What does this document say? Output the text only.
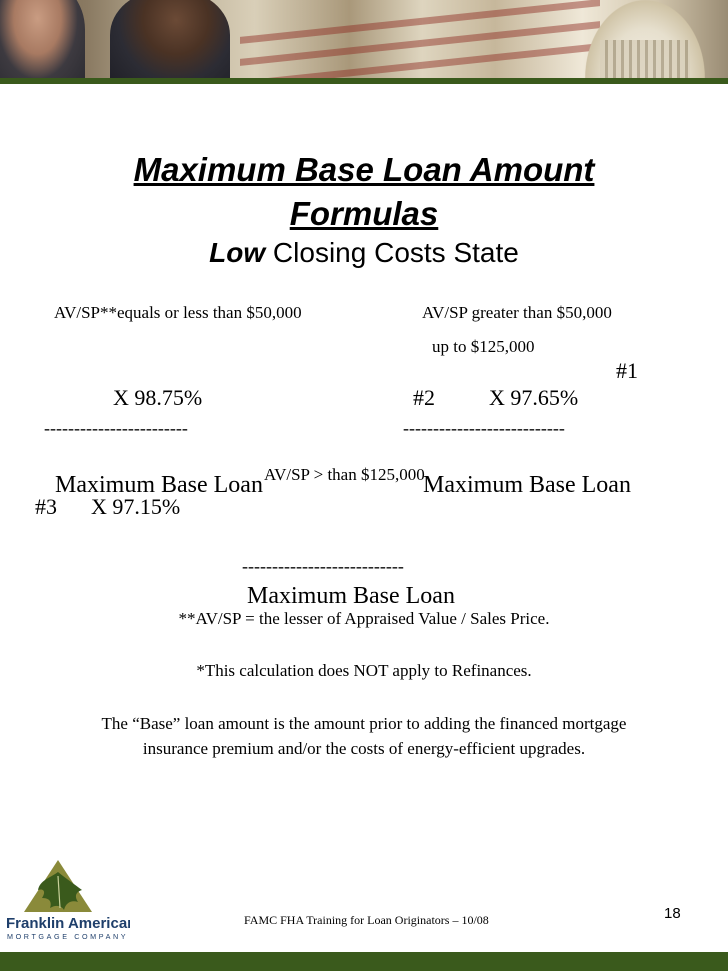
Maximum Base Loan Amount
Formulas
Low Closing Costs State
AV/SP**equals or less than $50,000
#1
X 98.75%
------------------------
Maximum Base Loan
AV/SP greater than $50,000
up to $125,000
#2 X 97.65%
---------------------------
Maximum Base Loan
AV/SP > than $125,000
#3 X 97.15%
---------------------------
Maximum Base Loan
**AV/SP = the lesser of Appraised Value / Sales Price.
*This calculation does NOT apply to Refinances.
The “Base” loan amount is the amount prior to adding the financed mortgage
insurance premium and/or the costs of energy-efficient upgrades.
Franklin American
MORTGAGE COMPANY
FAMC FHA Training for Loan Originators – 10/08	18
